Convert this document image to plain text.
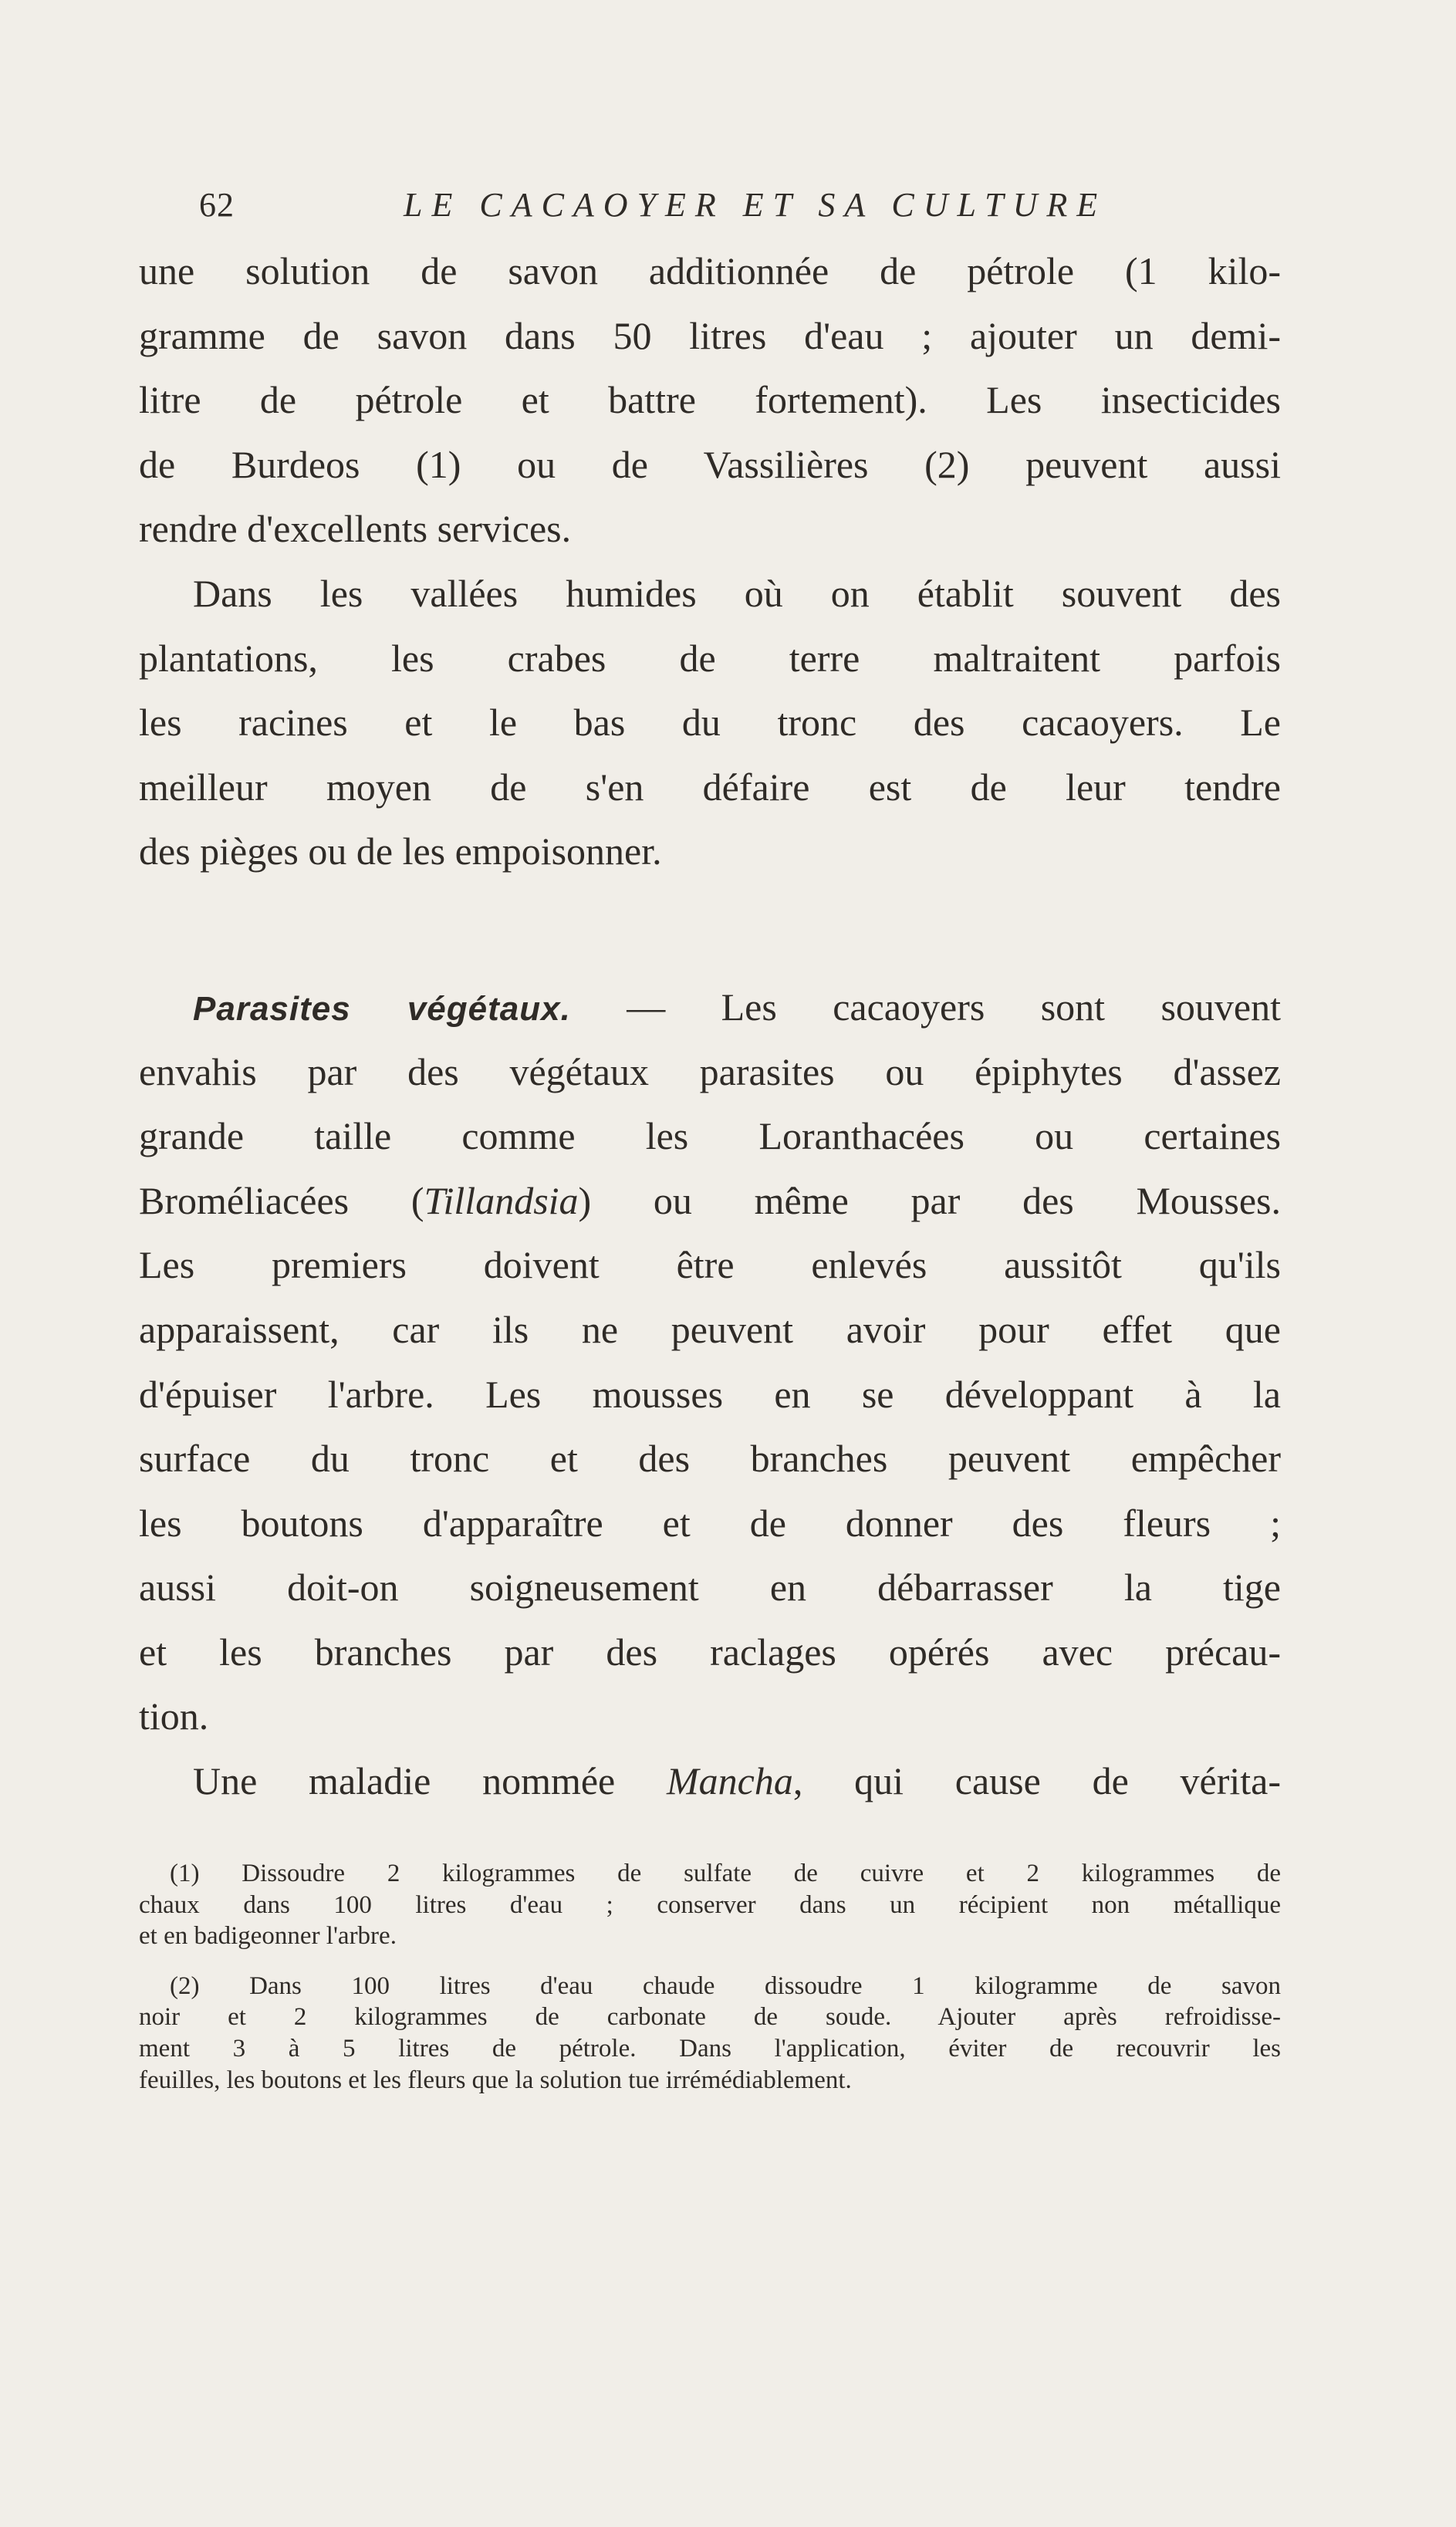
62	LE CACAOYER ET SA CULTURE
une solution de savon additionnée de pétrole (1 kilo-
gramme de savon dans 50 litres d'eau ; ajouter un demi-
litre de pétrole et battre fortement). Les insecticides
de Burdeos (1) ou de Vassilières (2) peuvent aussi
rendre d'excellents services.
Dans les vallées humides où on établit souvent des
plantations, les crabes de terre maltraitent parfois
les racines et le bas du tronc des cacaoyers. Le
meilleur moyen de s'en défaire est de leur tendre
des pièges ou de les empoisonner.
Parasites végétaux. — Les cacaoyers sont souvent
envahis par des végétaux parasites ou épiphytes d'assez
grande taille comme les Loranthacées ou certaines
Broméliacées (Tillandsia) ou même par des Mousses.
Les premiers doivent être enlevés aussitôt qu'ils
apparaissent, car ils ne peuvent avoir pour effet que
d'épuiser l'arbre. Les mousses en se développant à la
surface du tronc et des branches peuvent empêcher
les boutons d'apparaître et de donner des fleurs ;
aussi doit-on soigneusement en débarrasser la tige
et les branches par des raclages opérés avec précau-
tion.
Une maladie nommée Mancha, qui cause de vérita-
(1) Dissoudre 2 kilogrammes de sulfate de cuivre et 2 kilogrammes de
chaux dans 100 litres d'eau ; conserver dans un récipient non métallique
et en badigeonner l'arbre.
(2) Dans 100 litres d'eau chaude dissoudre 1 kilogramme de savon
noir et 2 kilogrammes de carbonate de soude. Ajouter après refroidisse-
ment 3 à 5 litres de pétrole. Dans l'application, éviter de recouvrir les
feuilles, les boutons et les fleurs que la solution tue irrémédiablement.
